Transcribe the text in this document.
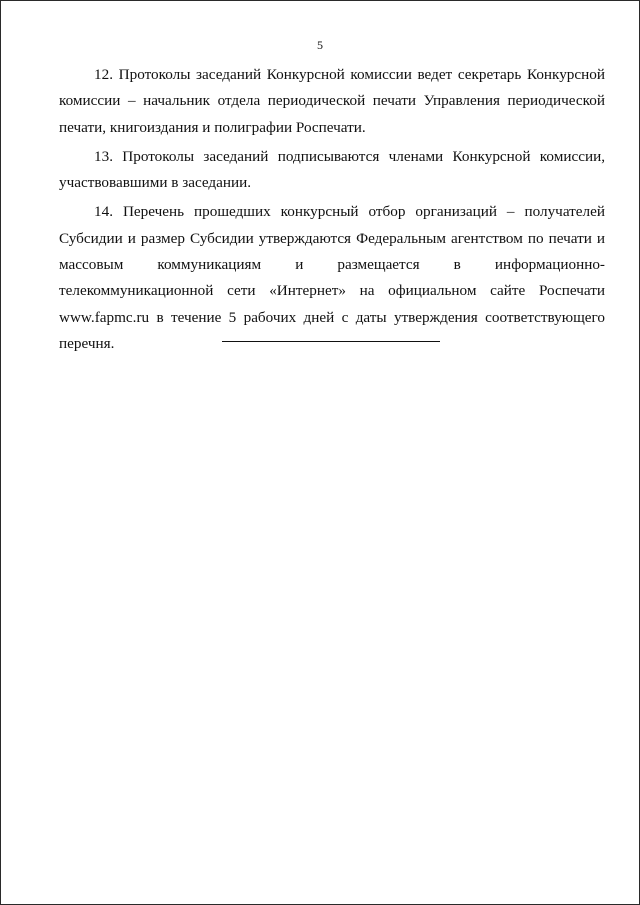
5

12. Протоколы заседаний Конкурсной комиссии ведет секретарь Конкурсной комиссии – начальник отдела периодической печати Управления периодической печати, книгоиздания и полиграфии Роспечати.

13. Протоколы заседаний подписываются членами Конкурсной комиссии, участвовавшими в заседании.

14. Перечень прошедших конкурсный отбор организаций – получателей Субсидии и размер Субсидии утверждаются Федеральным агентством по печати и массовым коммуникациям и размещается в информационно-телекоммуникационной сети «Интернет» на официальном сайте Роспечати www.fapmc.ru в течение 5 рабочих дней с даты утверждения соответствующего перечня.
